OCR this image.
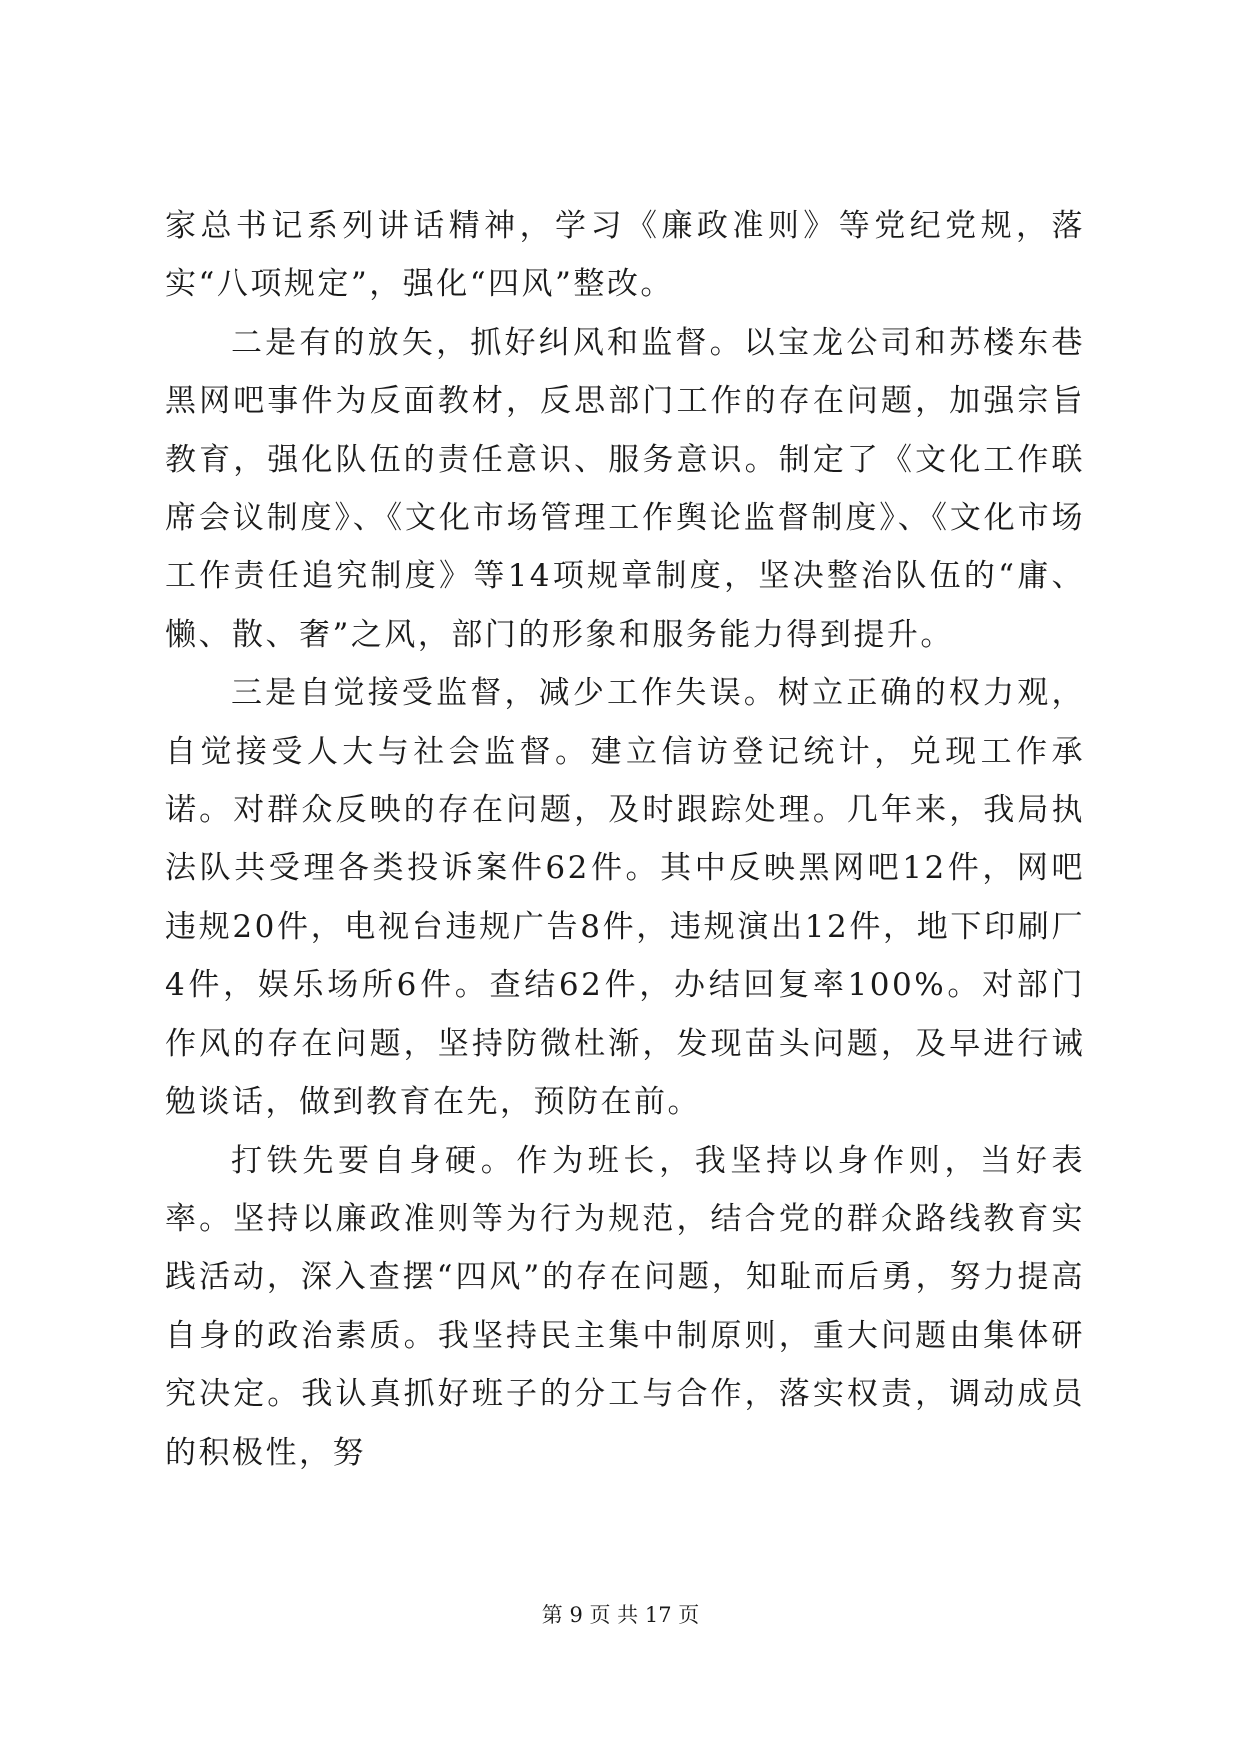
家总书记系列讲话精神，学习《廉政准则》等党纪党规，落实“八项规定”，强化“四风”整改。

二是有的放矢，抓好纠风和监督。以宝龙公司和苏楼东巷黑网吧事件为反面教材，反思部门工作的存在问题，加强宗旨教育，强化队伍的责任意识、服务意识。制定了《文化工作联席会议制度》、《文化市场管理工作舆论监督制度》、《文化市场工作责任追究制度》等14项规章制度，坚决整治队伍的“庸、懒、散、奢”之风，部门的形象和服务能力得到提升。

三是自觉接受监督，减少工作失误。树立正确的权力观，自觉接受人大与社会监督。建立信访登记统计，兑现工作承诺。对群众反映的存在问题，及时跟踪处理。几年来，我局执法队共受理各类投诉案件62件。其中反映黑网吧12件，网吧违规20件，电视台违规广告8件，违规演出12件，地下印刷厂4件，娱乐场所6件。查结62件，办结回复率100%。对部门作风的存在问题，坚持防微杜渐，发现苗头问题，及早进行诫勉谈话，做到教育在先，预防在前。

打铁先要自身硬。作为班长，我坚持以身作则，当好表率。坚持以廉政准则等为行为规范，结合党的群众路线教育实践活动，深入查摆“四风”的存在问题，知耻而后勇，努力提高自身的政治素质。我坚持民主集中制原则，重大问题由集体研究决定。我认真抓好班子的分工与合作，落实权责，调动成员的积极性，努

第 9 页 共 17 页
